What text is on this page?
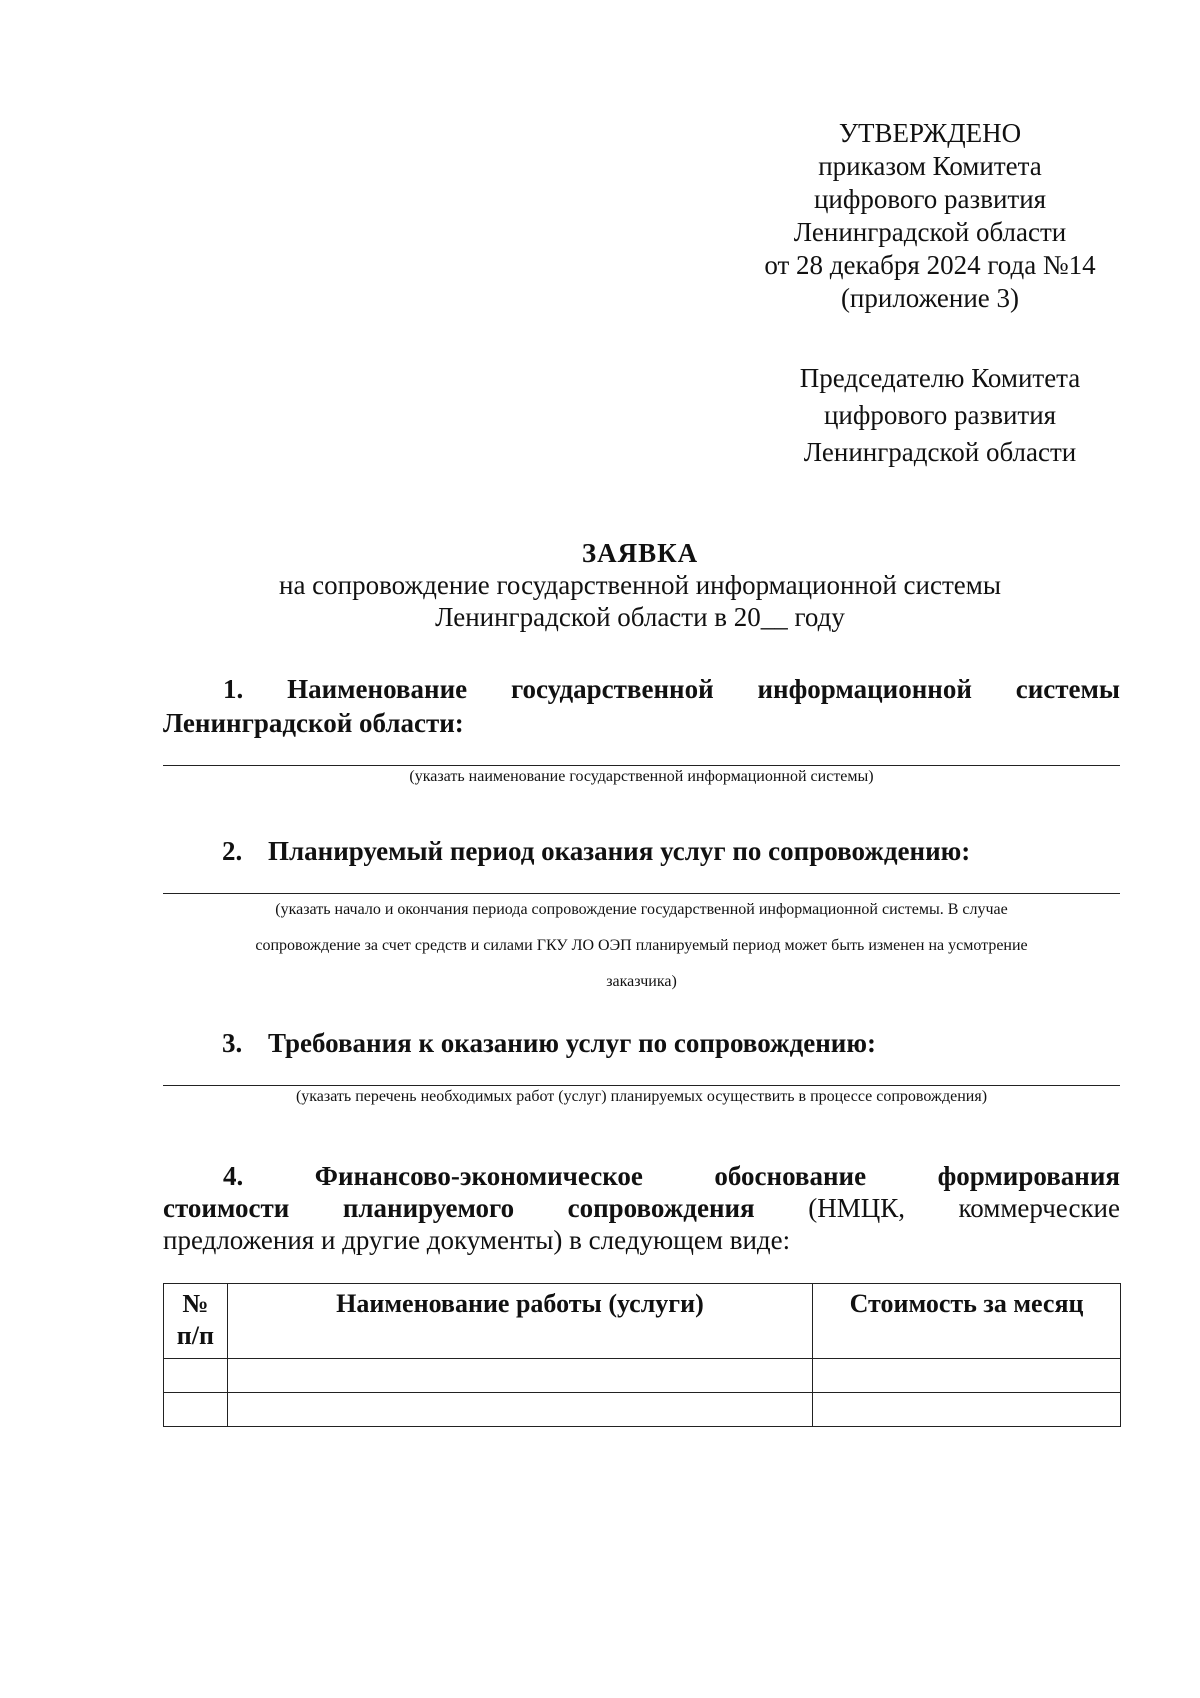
УТВЕРЖДЕНО
приказом Комитета
цифрового развития
Ленинградской области
от 28 декабря 2024 года №14
(приложение 3)
Председателю Комитета
цифрового развития
Ленинградской области
ЗАЯВКА
на сопровождение государственной информационной системы
Ленинградской области в 20__ году
1. Наименование государственной информационной системы
Ленинградской области:
(указать наименование государственной информационной системы)
2. Планируемый период оказания услуг по сопровождению:
(указать начало и окончания периода сопровождение государственной информационной системы. В случае
сопровождение за счет средств и силами ГКУ ЛО ОЭП планируемый период может быть изменен на усмотрение
заказчика)
3. Требования к оказанию услуг по сопровождению:
(указать перечень необходимых работ (услуг) планируемых осуществить в процессе сопровождения)
4. Финансово-экономическое обоснование формирования
стоимости планируемого сопровождения (НМЦК, коммерческие
предложения и другие документы) в следующем виде:
№
п/п	Наименование работы (услуги)	Стоимость за месяц
